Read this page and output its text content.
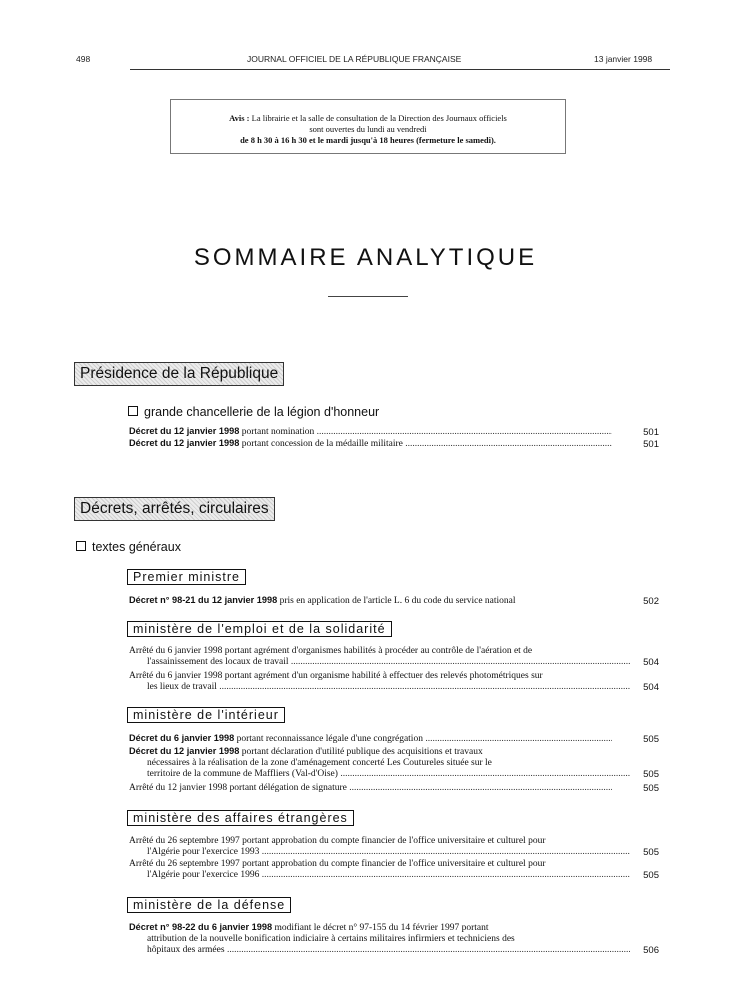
498	JOURNAL OFFICIEL DE LA RÉPUBLIQUE FRANÇAISE	13 janvier 1998
Avis : La librairie et la salle de consultation de la Direction des Journaux officiels
sont ouvertes du lundi au vendredi
de 8 h 30 à 16 h 30 et le mardi jusqu'à 18 heures (fermeture le samedi).
SOMMAIRE ANALYTIQUE
Présidence de la République
grande chancellerie de la légion d'honneur
Décret du 12 janvier 1998 portant nomination .....	501
Décret du 12 janvier 1998 portant concession de la médaille militaire .....	501
Décrets, arrêtés, circulaires
textes généraux
Premier ministre
Décret n° 98-21 du 12 janvier 1998 pris en application de l'article L. 6 du code du service national	502
ministère de l'emploi et de la solidarité
Arrêté du 6 janvier 1998 portant agrément d'organismes habilités à procéder au contrôle de l'aération et de
l'assainissement des locaux de travail .....	504
Arrêté du 6 janvier 1998 portant agrément d'un organisme habilité à effectuer des relevés photométriques sur
les lieux de travail .....	504
ministère de l'intérieur
Décret du 6 janvier 1998 portant reconnaissance légale d'une congrégation .....	505
Décret du 12 janvier 1998 portant déclaration d'utilité publique des acquisitions et travaux
nécessaires à la réalisation de la zone d'aménagement concerté Les Coutureles située sur le
territoire de la commune de Maffliers (Val-d'Oise) .....	505
Arrêté du 12 janvier 1998 portant délégation de signature .....	505
ministère des affaires étrangères
Arrêté du 26 septembre 1997 portant approbation du compte financier de l'office universitaire et culturel pour
l'Algérie pour l'exercice 1993 .....	505
Arrêté du 26 septembre 1997 portant approbation du compte financier de l'office universitaire et culturel pour
l'Algérie pour l'exercice 1996 .....	505
ministère de la défense
Décret n° 98-22 du 6 janvier 1998 modifiant le décret n° 97-155 du 14 février 1997 portant
attribution de la nouvelle bonification indiciaire à certains militaires infirmiers et techniciens des
hôpitaux des armées .....	506
